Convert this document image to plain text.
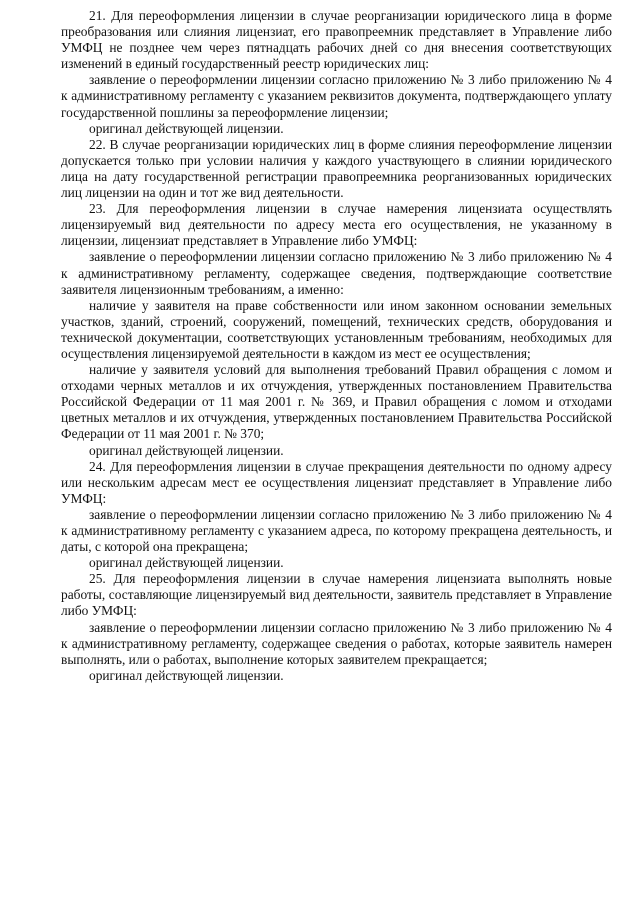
21. Для переоформления лицензии в случае реорганизации юридического лица в форме преобразования или слияния лицензиат, его правопреемник представляет в Управление либо УМФЦ не позднее чем через пятнадцать рабочих дней со дня внесения соответствующих изменений в единый государственный реестр юридических лиц:

заявление о переоформлении лицензии согласно приложению № 3 либо приложению № 4 к административному регламенту с указанием реквизитов документа, подтверждающего уплату государственной пошлины за переоформление лицензии;

оригинал действующей лицензии.

22. В случае реорганизации юридических лиц в форме слияния переоформление лицензии допускается только при условии наличия у каждого участвующего в слиянии юридического лица на дату государственной регистрации правопреемника реорганизованных юридических лиц лицензии на один и тот же вид деятельности.

23. Для переоформления лицензии в случае намерения лицензиата осуществлять лицензируемый вид деятельности по адресу места его осуществления, не указанному в лицензии, лицензиат представляет в Управление либо УМФЦ:

заявление о переоформлении лицензии согласно приложению № 3 либо приложению № 4 к административному регламенту, содержащее сведения, подтверждающие соответствие заявителя лицензионным требованиям, а именно:

наличие у заявителя на праве собственности или ином законном основании земельных участков, зданий, строений, сооружений, помещений, технических средств, оборудования и технической документации, соответствующих установленным требованиям, необходимых для осуществления лицензируемой деятельности в каждом из мест ее осуществления;

наличие у заявителя условий для выполнения требований Правил обращения с ломом и отходами черных металлов и их отчуждения, утвержденных постановлением Правительства Российской Федерации от 11 мая 2001 г. № 369, и Правил обращения с ломом и отходами цветных металлов и их отчуждения, утвержденных постановлением Правительства Российской Федерации от 11 мая 2001 г. № 370;

оригинал действующей лицензии.

24. Для переоформления лицензии в случае прекращения деятельности по одному адресу или нескольким адресам мест ее осуществления лицензиат представляет в Управление либо УМФЦ:

заявление о переоформлении лицензии согласно приложению № 3 либо приложению № 4 к административному регламенту с указанием адреса, по которому прекращена деятельность, и даты, с которой она прекращена;

оригинал действующей лицензии.

25. Для переоформления лицензии в случае намерения лицензиата выполнять новые работы, составляющие лицензируемый вид деятельности, заявитель представляет в Управление либо УМФЦ:

заявление о переоформлении лицензии согласно приложению № 3 либо приложению № 4 к административному регламенту, содержащее сведения о работах, которые заявитель намерен выполнять, или о работах, выполнение которых заявителем прекращается;

оригинал действующей лицензии.
